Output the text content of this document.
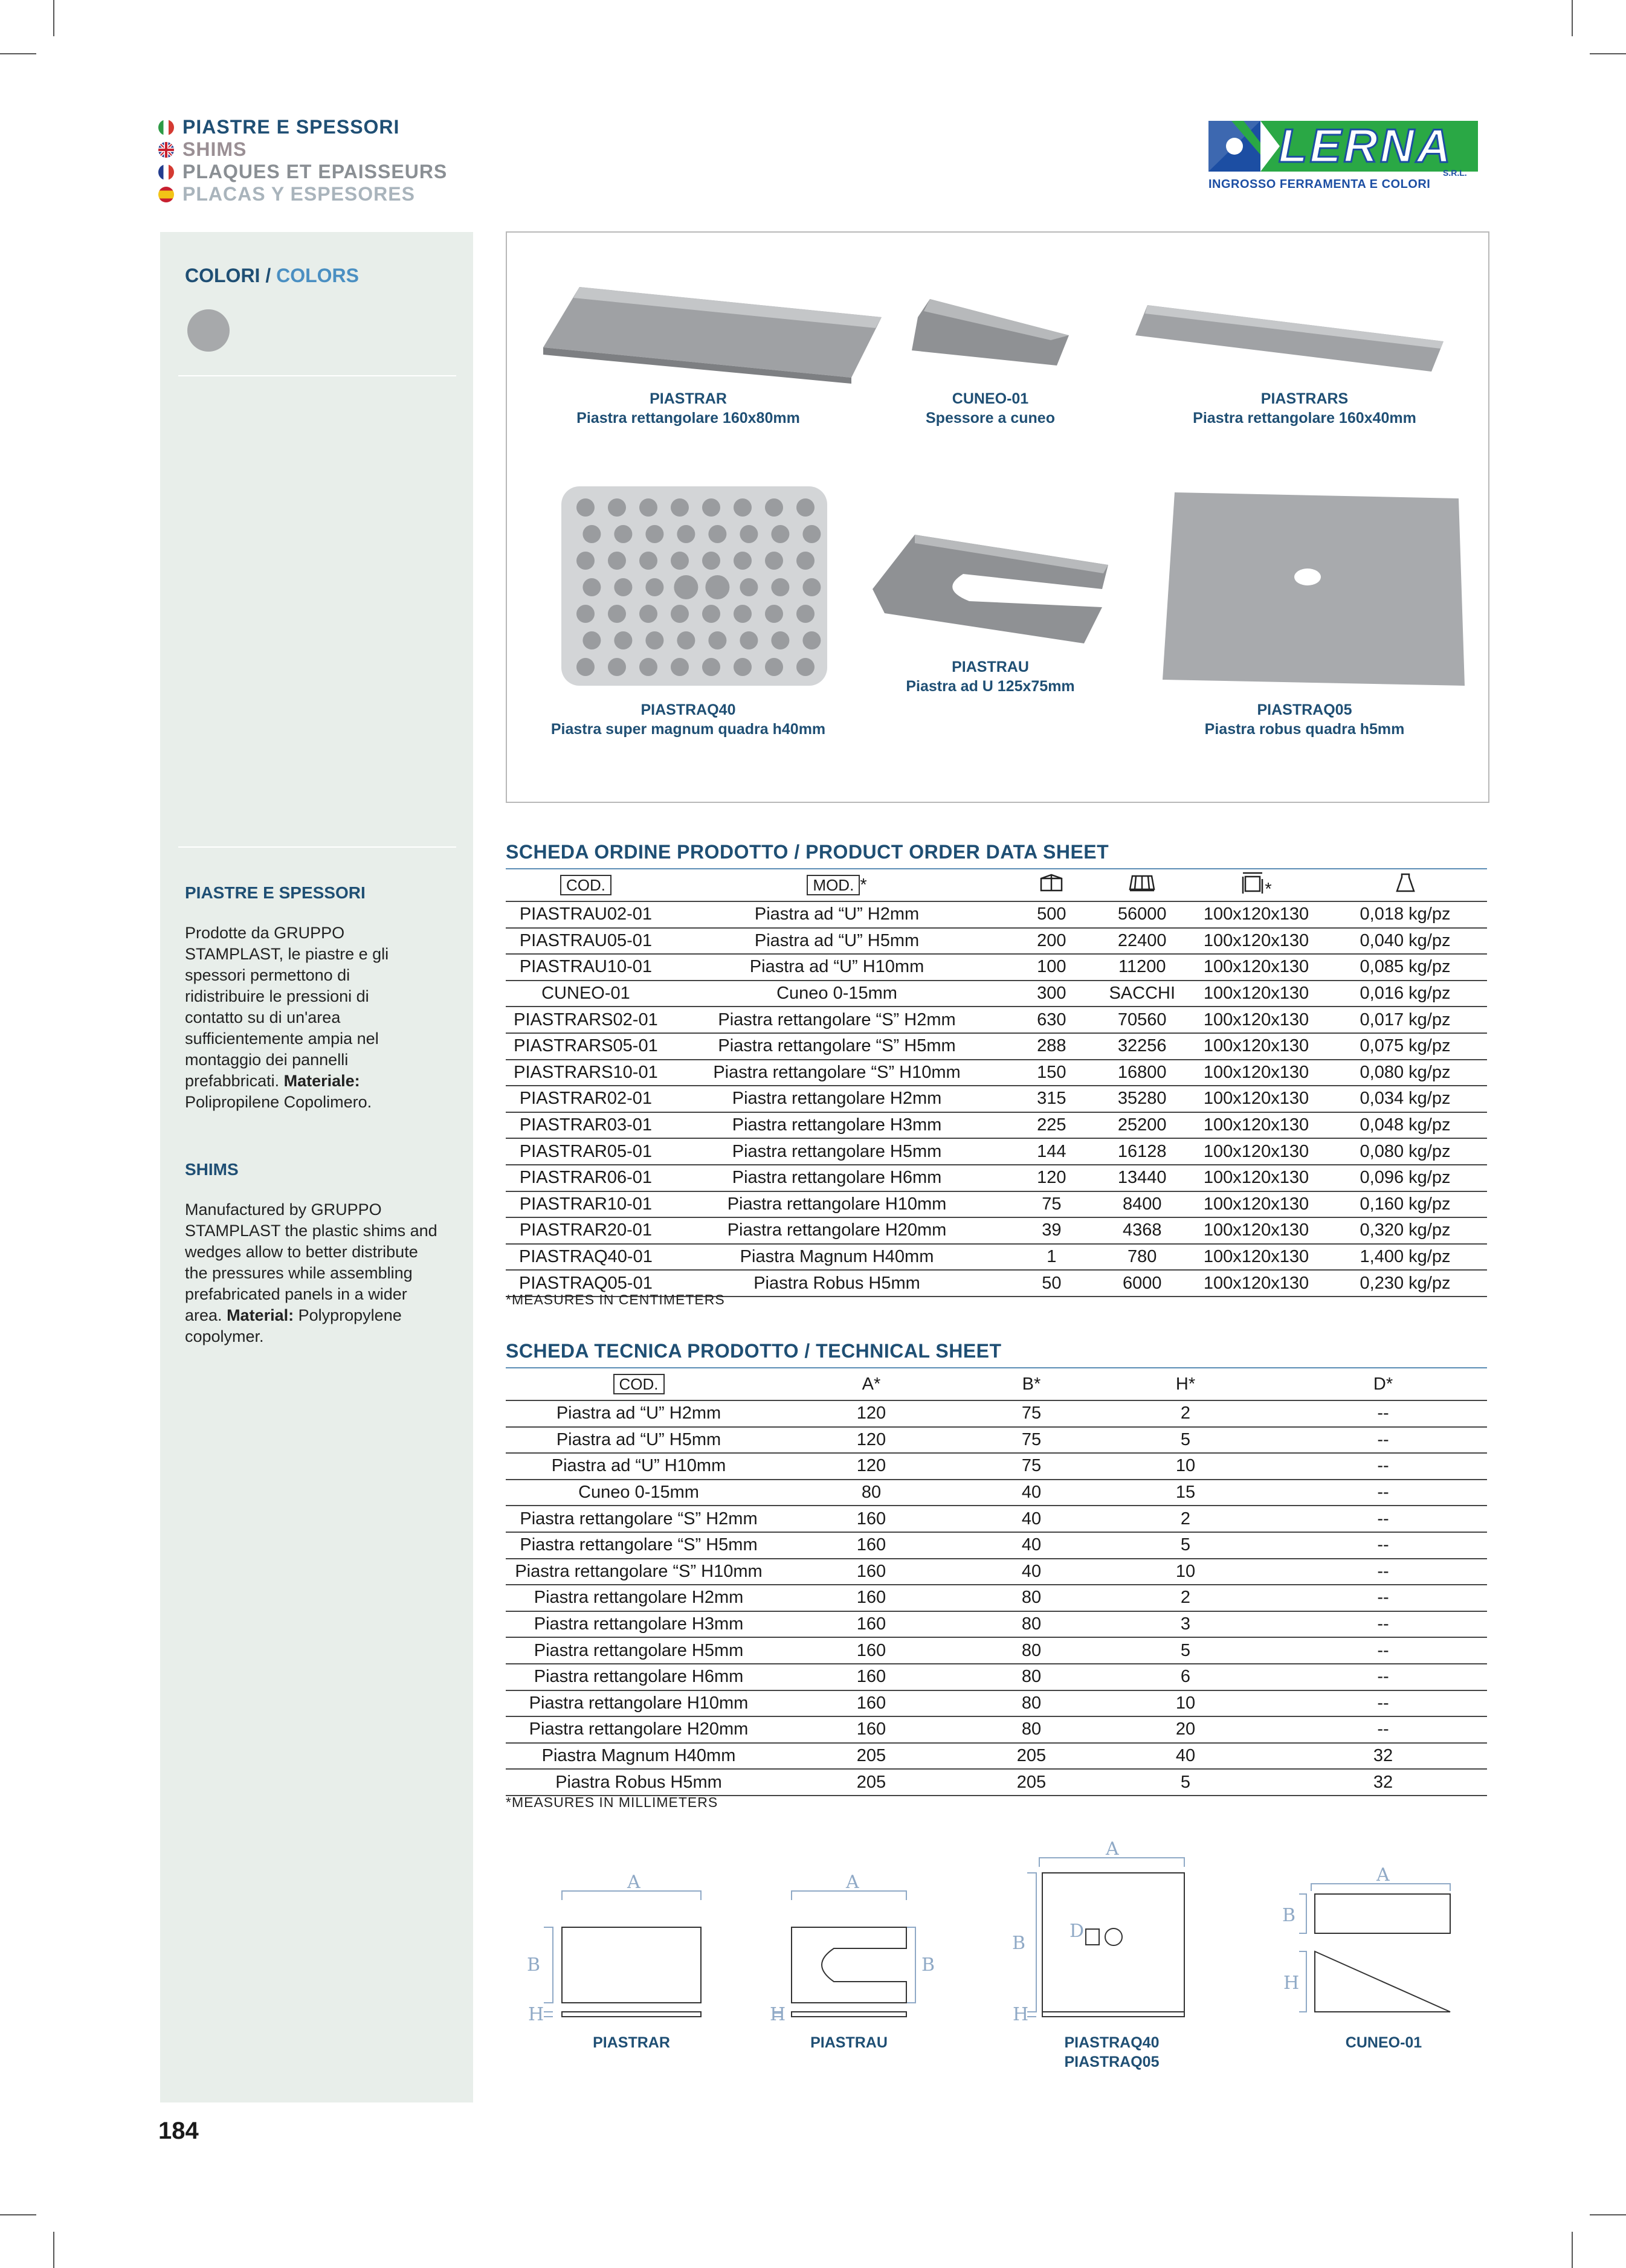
PIASTRE E SPESSORI
SHIMS
PLAQUES ET EPAISSEURS
PLACAS Y ESPESORES
LERNA
S.R.L.
INGROSSO FERRAMENTA E COLORI
COLORI / COLORS
PIASTRE E SPESSORI
Prodotte da GRUPPO STAMPLAST, le piastre e gli spessori permettono di ridistribuire le pressioni di contatto su di un'area sufficientemente ampia nel montaggio dei pannelli prefabbricati. Materiale: Polipropilene Copolimero.
SHIMS
Manufactured by GRUPPO STAMPLAST the plastic shims and wedges allow to better distribute the pressures while assembling prefabricated panels in a wider area. Material: Polypropylene copolymer.
PIASTRAR
Piastra rettangolare 160x80mm
CUNEO-01
Spessore a cuneo
PIASTRARS
Piastra rettangolare 160x40mm
PIASTRAQ40
Piastra super magnum quadra h40mm
PIASTRAU
Piastra ad U 125x75mm
PIASTRAQ05
Piastra robus quadra h5mm
SCHEDA ORDINE PRODOTTO / PRODUCT ORDER DATA SHEET
COD.	MOD. *			*	
PIASTRAU02-01	Piastra ad “U” H2mm	500	56000	100x120x130	0,018 kg/pz
PIASTRAU05-01	Piastra ad “U” H5mm	200	22400	100x120x130	0,040 kg/pz
PIASTRAU10-01	Piastra ad “U” H10mm	100	11200	100x120x130	0,085 kg/pz
CUNEO-01	Cuneo 0-15mm	300	SACCHI	100x120x130	0,016 kg/pz
PIASTRARS02-01	Piastra rettangolare “S” H2mm	630	70560	100x120x130	0,017 kg/pz
PIASTRARS05-01	Piastra rettangolare “S” H5mm	288	32256	100x120x130	0,075 kg/pz
PIASTRARS10-01	Piastra rettangolare “S” H10mm	150	16800	100x120x130	0,080 kg/pz
PIASTRAR02-01	Piastra rettangolare H2mm	315	35280	100x120x130	0,034 kg/pz
PIASTRAR03-01	Piastra rettangolare H3mm	225	25200	100x120x130	0,048 kg/pz
PIASTRAR05-01	Piastra rettangolare H5mm	144	16128	100x120x130	0,080 kg/pz
PIASTRAR06-01	Piastra rettangolare H6mm	120	13440	100x120x130	0,096 kg/pz
PIASTRAR10-01	Piastra rettangolare H10mm	75	8400	100x120x130	0,160 kg/pz
PIASTRAR20-01	Piastra rettangolare H20mm	39	4368	100x120x130	0,320 kg/pz
PIASTRAQ40-01	Piastra Magnum H40mm	1	780	100x120x130	1,400 kg/pz
PIASTRAQ05-01	Piastra Robus H5mm	50	6000	100x120x130	0,230 kg/pz
*MEASURES IN CENTIMETERS
SCHEDA TECNICA PRODOTTO / TECHNICAL SHEET
COD.	A*	B*	H*	D*
Piastra ad “U” H2mm	120	75	2	--
Piastra ad “U” H5mm	120	75	5	--
Piastra ad “U” H10mm	120	75	10	--
Cuneo 0-15mm	80	40	15	--
Piastra rettangolare “S” H2mm	160	40	2	--
Piastra rettangolare “S” H5mm	160	40	5	--
Piastra rettangolare “S” H10mm	160	40	10	--
Piastra rettangolare H2mm	160	80	2	--
Piastra rettangolare H3mm	160	80	3	--
Piastra rettangolare H5mm	160	80	5	--
Piastra rettangolare H6mm	160	80	6	--
Piastra rettangolare H10mm	160	80	10	--
Piastra rettangolare H20mm	160	80	20	--
Piastra Magnum H40mm	205	205	40	32
Piastra Robus H5mm	205	205	5	32
*MEASURES IN MILLIMETERS
A
B
H
A
B
H
A
B
D
H
A
B
H
PIASTRAR	PIASTRAU	PIASTRAQ40
PIASTRAQ05
CUNEO-01
184
